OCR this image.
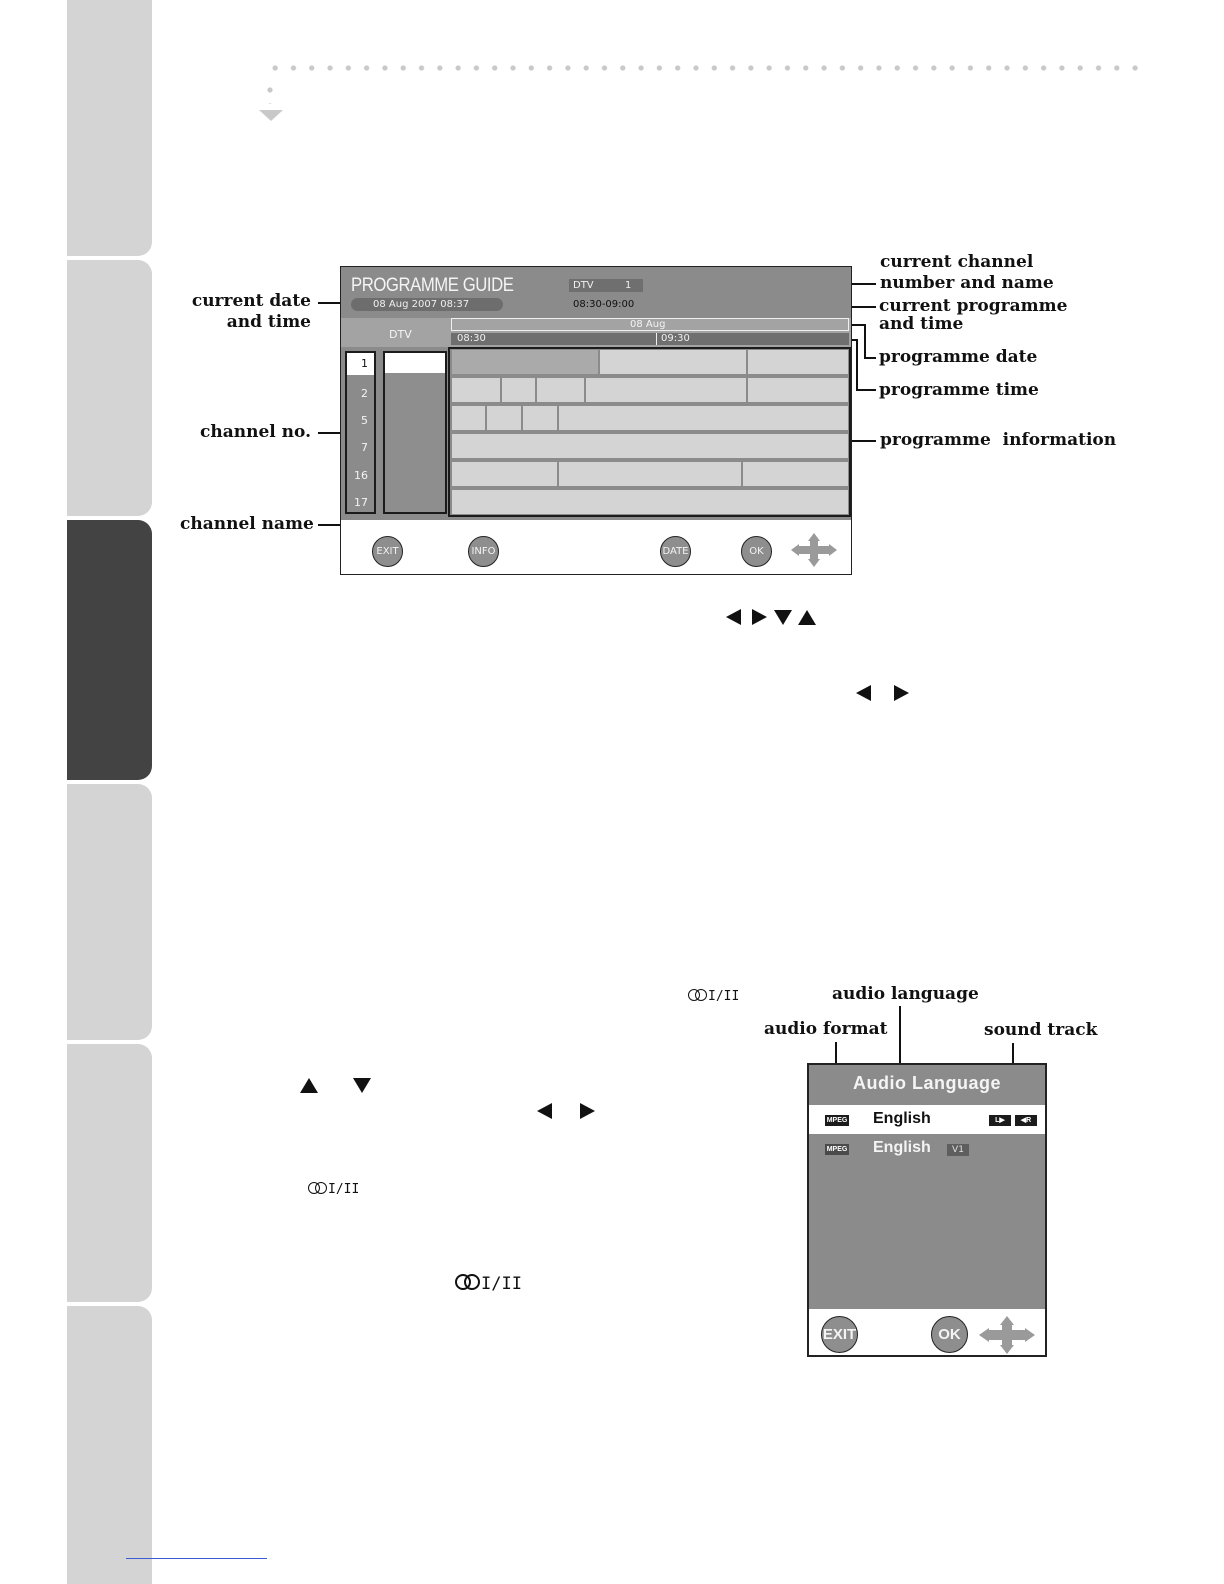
current date
and time
channel no.
channel name
current channel
number and name
current programme
and time
programme date
programme time
programme  information
PROGRAMME GUIDE
08 Aug 2007 08:37
DTV	1
08:30-09:00
DTV
08 Aug
08:30	09:30
1
2
5
7
16
17
EXIT	INFO	DATE	OK
I/II
I/II
I/II
audio language
audio format	sound track
Audio Language
MPEG English	L▶	◀R
MPEG English	V1
EXIT	OK
